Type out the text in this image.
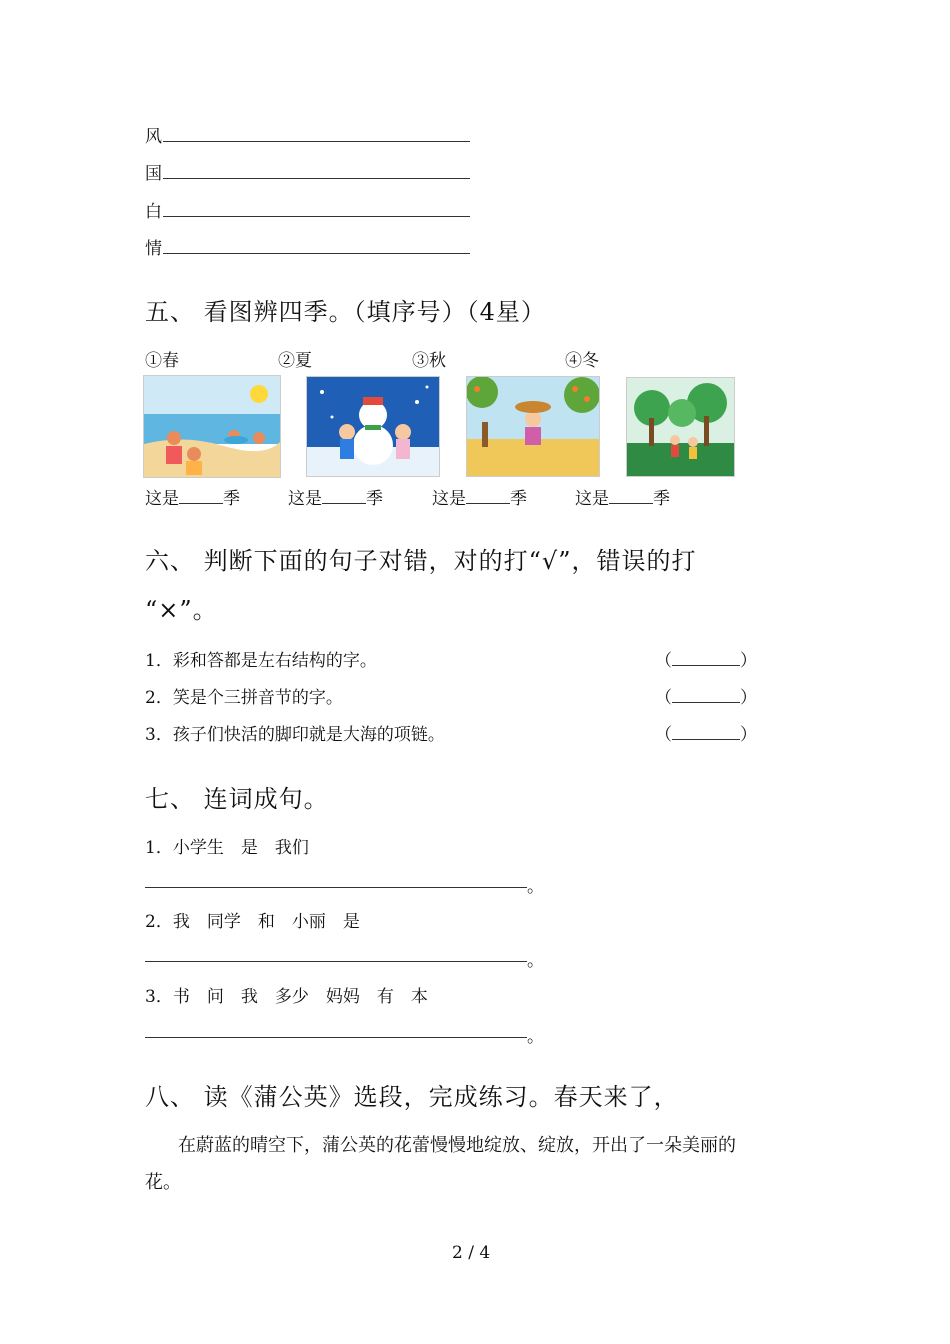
风
国
白
情
五、 看图辨四季。（填序号）（4星）
①春	②夏	③秋	④冬
这是	季	这是	季	这是	季	这是	季
六、 判断下面的句子对错，对的打“√”，错误的打
“×”。
1．彩和答都是左右结构的字。	（	）
2．笑是个三拼音节的字。	（	）
3．孩子们快活的脚印就是大海的项链。	（	）
七、 连词成句。
1．小学生　是　我们
。
2．我　同学　和　小丽　是
。
3．书　问　我　多少　妈妈　有　本
。
八、 读《蒲公英》选段，完成练习。春天来了，
在蔚蓝的晴空下，蒲公英的花蕾慢慢地绽放、绽放，开出了一朵美丽的
花。
2 / 4
